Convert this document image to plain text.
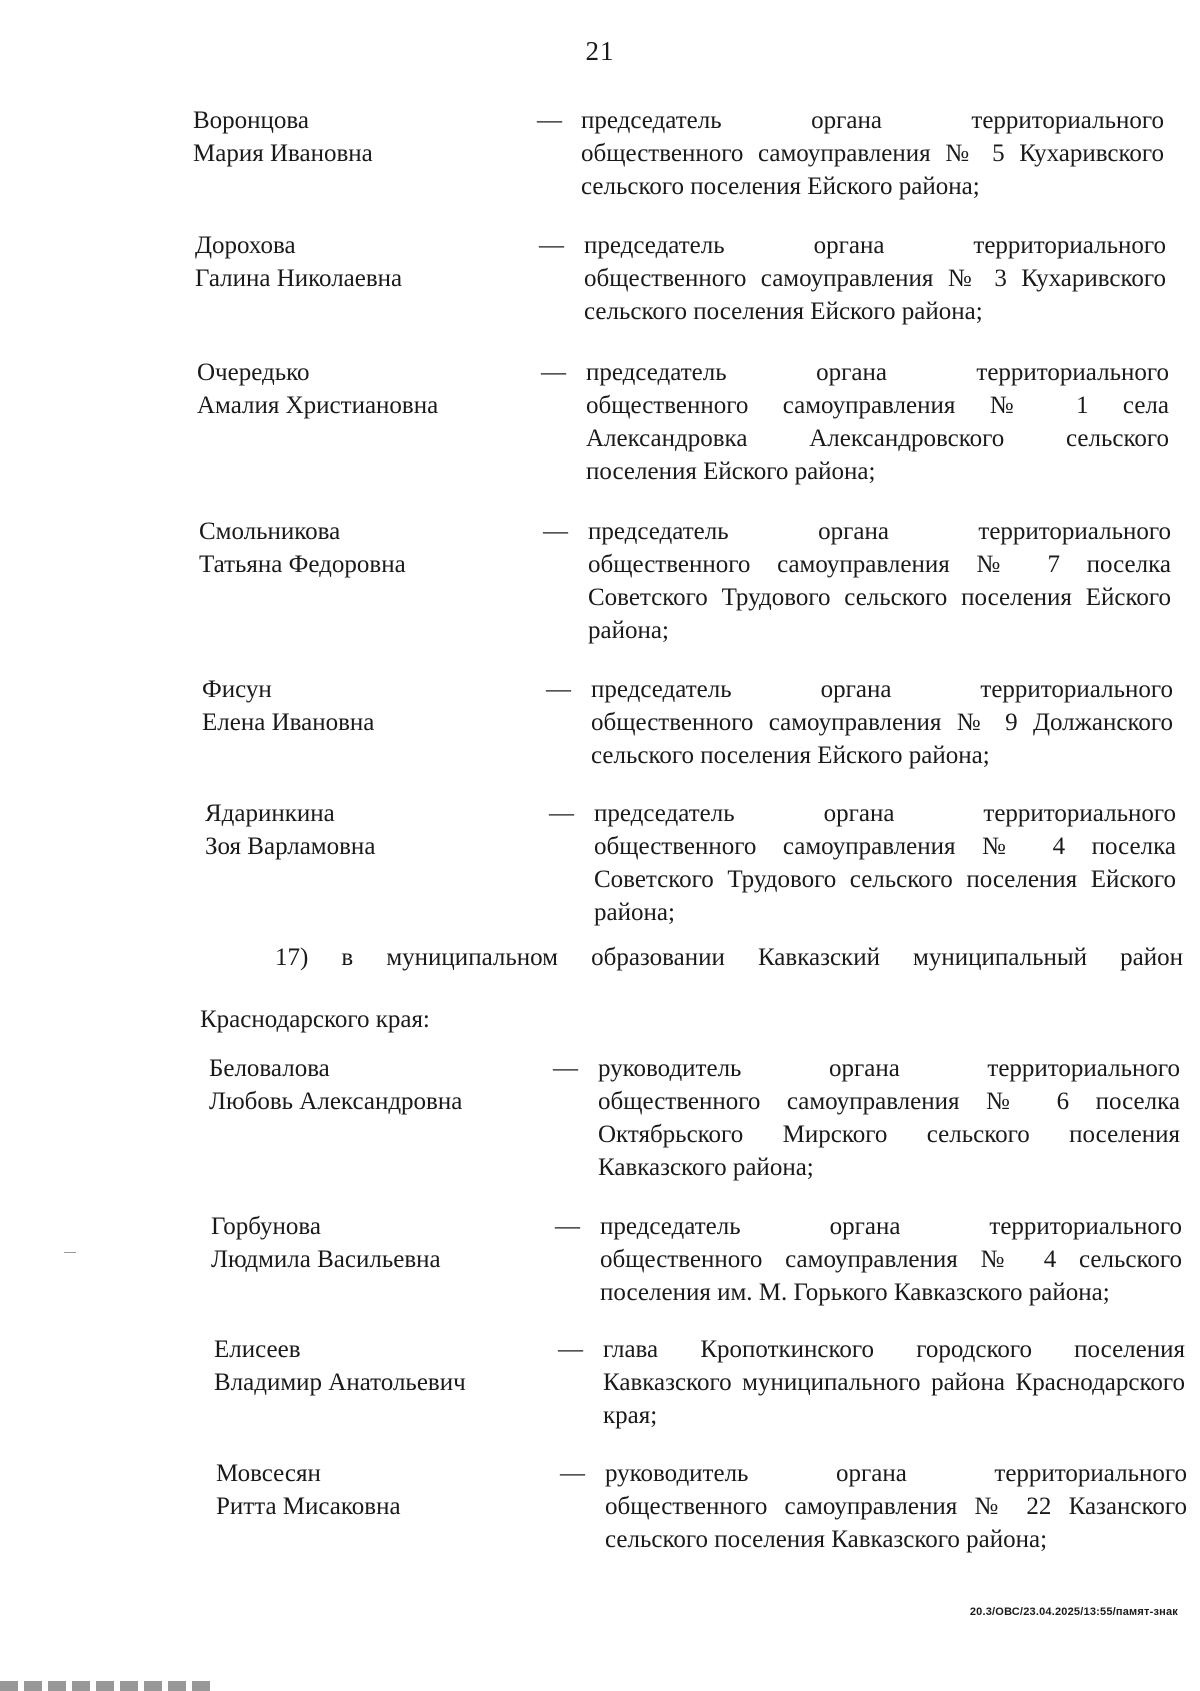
21
Воронцова
Мария Ивановна
— председатель органа территориального общественного самоуправления № 5 Кухаривского сельского поселения Ейского района;
Дорохова
Галина Николаевна
— председатель органа территориального общественного самоуправления № 3 Кухаривского сельского поселения Ейского района;
Очередько
Амалия Христиановна
— председатель органа территориального общественного самоуправления № 1 села Александровка Александровского сельского поселения Ейского района;
Смольникова
Татьяна Федоровна
— председатель органа территориального общественного самоуправления № 7 поселка Советского Трудового сельского поселения Ейского района;
Фисун
Елена Ивановна
— председатель органа территориального общественного самоуправления № 9 Должанского сельского поселения Ейского района;
Ядаринкина
Зоя Варламовна
— председатель органа территориального общественного самоуправления № 4 поселка Советского Трудового сельского поселения Ейского района;
17) в муниципальном образовании Кавказский муниципальный район
Краснодарского края:
Беловалова
Любовь Александровна
— руководитель органа территориального общественного самоуправления № 6 поселка Октябрьского Мирского сельского поселения Кавказского района;
Горбунова
Людмила Васильевна
— председатель органа территориального общественного самоуправления № 4 сельского поселения им. М. Горького Кавказского района;
Елисеев
Владимир Анатольевич
— глава Кропоткинского городского поселения Кавказского муниципального района Краснодарского края;
Мовсесян
Ритта Мисаковна
— руководитель органа территориального общественного самоуправления № 22 Казанского сельского поселения Кавказского района;
20.3/ОВС/23.04.2025/13:55/памят-знак
